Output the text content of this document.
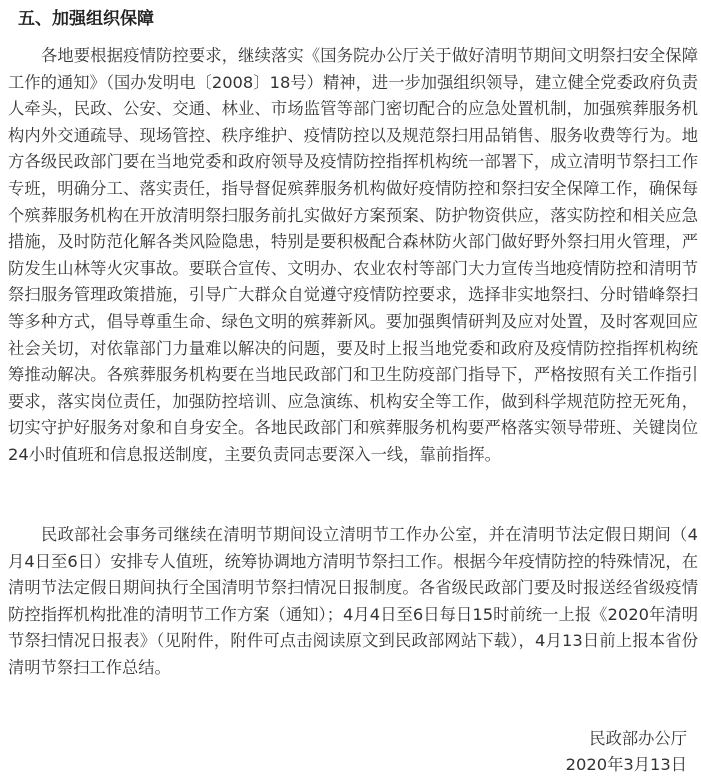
五、加强组织保障

各地要根据疫情防控要求，继续落实《国务院办公厅关于做好清明节期间文明祭扫安全保障工作的通知》（国办发明电〔2008〕18号）精神，进一步加强组织领导，建立健全党委政府负责人牵头，民政、公安、交通、林业、市场监管等部门密切配合的应急处置机制，加强殡葬服务机构内外交通疏导、现场管控、秩序维护、疫情防控以及规范祭扫用品销售、服务收费等行为。地方各级民政部门要在当地党委和政府领导及疫情防控指挥机构统一部署下，成立清明节祭扫工作专班，明确分工、落实责任，指导督促殡葬服务机构做好疫情防控和祭扫安全保障工作，确保每个殡葬服务机构在开放清明祭扫服务前扎实做好方案预案、防护物资供应，落实防控和相关应急措施，及时防范化解各类风险隐患，特别是要积极配合森林防火部门做好野外祭扫用火管理，严防发生山林等火灾事故。要联合宣传、文明办、农业农村等部门大力宣传当地疫情防控和清明节祭扫服务管理政策措施，引导广大群众自觉遵守疫情防控要求，选择非实地祭扫、分时错峰祭扫等多种方式，倡导尊重生命、绿色文明的殡葬新风。要加强舆情研判及应对处置，及时客观回应社会关切，对依靠部门力量难以解决的问题，要及时上报当地党委和政府及疫情防控指挥机构统筹推动解决。各殡葬服务机构要在当地民政部门和卫生防疫部门指导下，严格按照有关工作指引要求，落实岗位责任，加强防控培训、应急演练、机构安全等工作，做到科学规范防控无死角，切实守护好服务对象和自身安全。各地民政部门和殡葬服务机构要严格落实领导带班、关键岗位24小时值班和信息报送制度，主要负责同志要深入一线，靠前指挥。

民政部社会事务司继续在清明节期间设立清明节工作办公室，并在清明节法定假日期间（4月4日至6日）安排专人值班，统筹协调地方清明节祭扫工作。根据今年疫情防控的特殊情况，在清明节法定假日期间执行全国清明节祭扫情况日报制度。各省级民政部门要及时报送经省级疫情防控指挥机构批准的清明节工作方案（通知）；4月4日至6日每日15时前统一上报《2020年清明节祭扫情况日报表》（见附件，附件可点击阅读原文到民政部网站下载），4月13日前上报本省份清明节祭扫工作总结。

民政部办公厅
2020年3月13日
